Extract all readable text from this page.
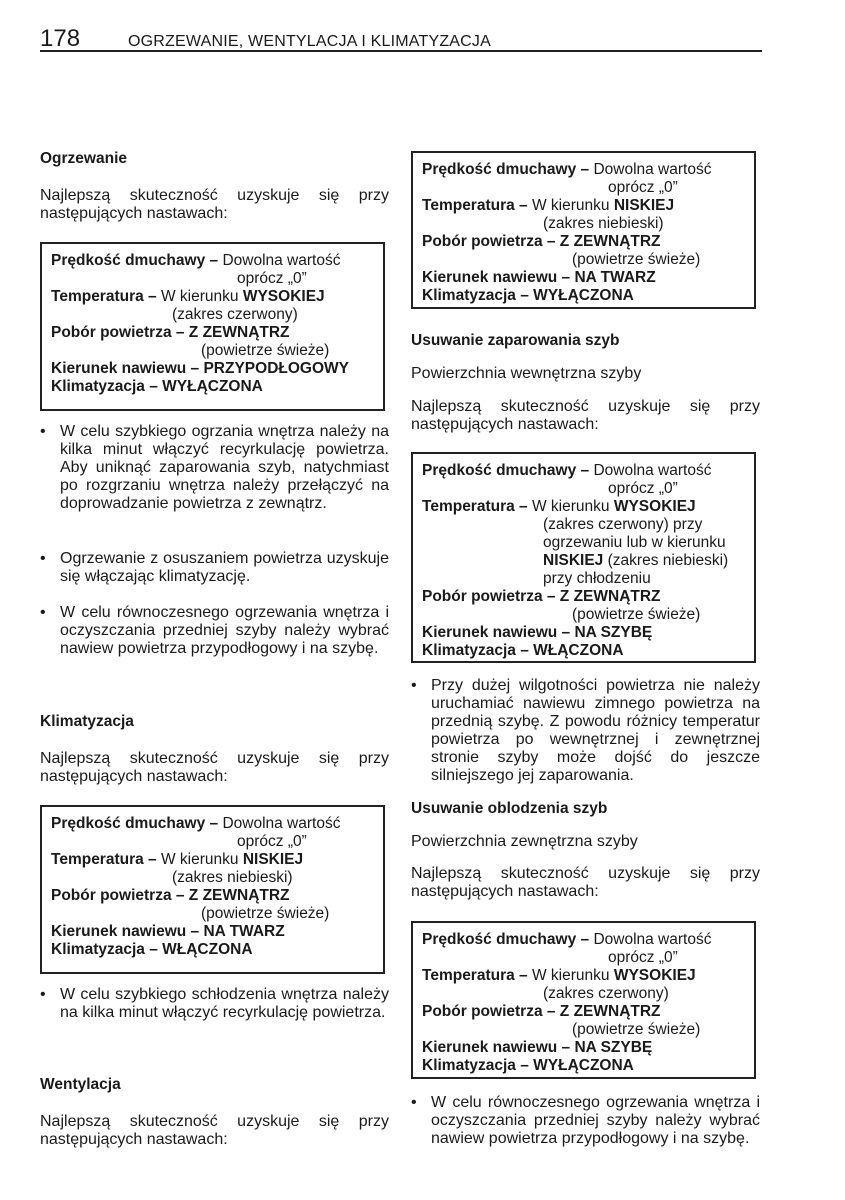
178	OGRZEWANIE, WENTYLACJA I KLIMATYZACJA
Ogrzewanie
Najlepszą skuteczność uzyskuje się przy następujących nastawach:
Prędkość dmuchawy – Dowolna wartość
oprócz „0”
Temperatura – W kierunku WYSOKIEJ
(zakres czerwony)
Pobór powietrza – Z ZEWNĄTRZ
(powietrze świeże)
Kierunek nawiewu – PRZYPODŁOGOWY
Klimatyzacja – WYŁĄCZONA
• W celu szybkiego ogrzania wnętrza należy na kilka minut włączyć recyrkulację powietrza. Aby uniknąć zaparowania szyb, natychmiast po rozgrzaniu wnętrza należy przełączyć na doprowadzanie powietrza z zewnątrz.
• Ogrzewanie z osuszaniem powietrza uzyskuje się włączając klimatyzację.
• W celu równoczesnego ogrzewania wnętrza i oczyszczania przedniej szyby należy wybrać nawiew powietrza przypodłogowy i na szybę.
Klimatyzacja
Najlepszą skuteczność uzyskuje się przy następujących nastawach:
Prędkość dmuchawy – Dowolna wartość
oprócz „0”
Temperatura – W kierunku NISKIEJ
(zakres niebieski)
Pobór powietrza – Z ZEWNĄTRZ
(powietrze świeże)
Kierunek nawiewu – NA TWARZ
Klimatyzacja – WŁĄCZONA
• W celu szybkiego schłodzenia wnętrza należy na kilka minut włączyć recyrkulację powietrza.
Wentylacja
Najlepszą skuteczność uzyskuje się przy następujących nastawach:
Prędkość dmuchawy – Dowolna wartość
oprócz „0”
Temperatura – W kierunku NISKIEJ
(zakres niebieski)
Pobór powietrza – Z ZEWNĄTRZ
(powietrze świeże)
Kierunek nawiewu – NA TWARZ
Klimatyzacja – WYŁĄCZONA
Usuwanie zaparowania szyb
Powierzchnia wewnętrzna szyby
Najlepszą skuteczność uzyskuje się przy następujących nastawach:
Prędkość dmuchawy – Dowolna wartość
oprócz „0”
Temperatura – W kierunku WYSOKIEJ
(zakres czerwony) przy
ogrzewaniu lub w kierunku
NISKIEJ (zakres niebieski)
przy chłodzeniu
Pobór powietrza – Z ZEWNĄTRZ
(powietrze świeże)
Kierunek nawiewu – NA SZYBĘ
Klimatyzacja – WŁĄCZONA
• Przy dużej wilgotności powietrza nie należy uruchamiać nawiewu zimnego powietrza na przednią szybę. Z powodu różnicy temperatur powietrza po wewnętrznej i zewnętrznej stronie szyby może dojść do jeszcze silniejszego jej zaparowania.
Usuwanie oblodzenia szyb
Powierzchnia zewnętrzna szyby
Najlepszą skuteczność uzyskuje się przy następujących nastawach:
Prędkość dmuchawy – Dowolna wartość
oprócz „0”
Temperatura – W kierunku WYSOKIEJ
(zakres czerwony)
Pobór powietrza – Z ZEWNĄTRZ
(powietrze świeże)
Kierunek nawiewu – NA SZYBĘ
Klimatyzacja – WYŁĄCZONA
• W celu równoczesnego ogrzewania wnętrza i oczyszczania przedniej szyby należy wybrać nawiew powietrza przypodłogowy i na szybę.
